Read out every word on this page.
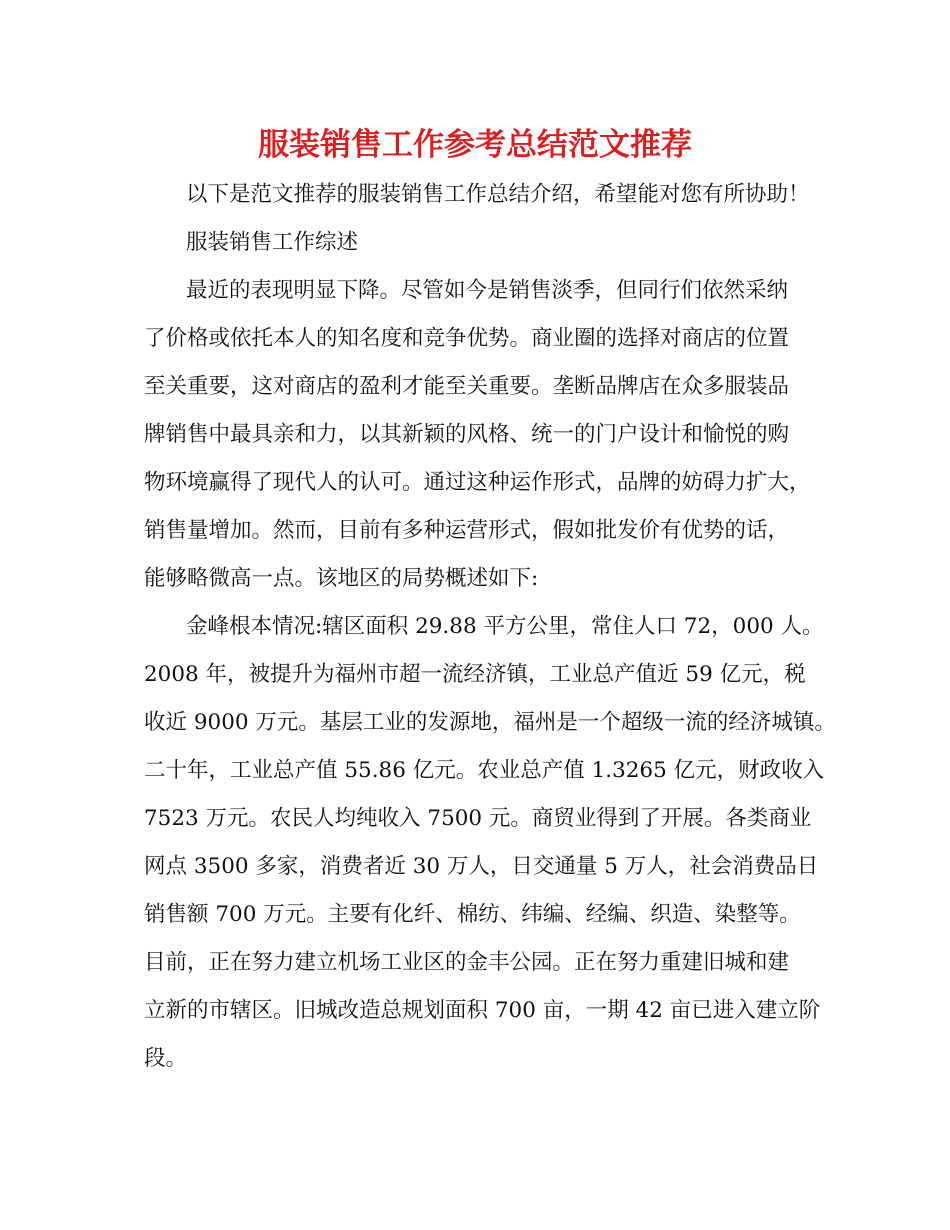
服装销售工作参考总结范文推荐
以下是范文推荐的服装销售工作总结介绍，希望能对您有所协助！
服装销售工作综述
最近的表现明显下降。尽管如今是销售淡季，但同行们依然采纳
了价格或依托本人的知名度和竞争优势。商业圈的选择对商店的位置
至关重要，这对商店的盈利才能至关重要。垄断品牌店在众多服装品
牌销售中最具亲和力，以其新颖的风格、统一的门户设计和愉悦的购
物环境赢得了现代人的认可。通过这种运作形式，品牌的妨碍力扩大，
销售量增加。然而，目前有多种运营形式，假如批发价有优势的话，
能够略微高一点。该地区的局势概述如下:
金峰根本情况:辖区面积 29.88 平方公里，常住人口 72，000 人。
2008 年，被提升为福州市超一流经济镇，工业总产值近 59 亿元，税
收近 9000 万元。基层工业的发源地，福州是一个超级一流的经济城镇。
二十年，工业总产值 55.86 亿元。农业总产值 1.3265 亿元，财政收入
7523 万元。农民人均纯收入 7500 元。商贸业得到了开展。各类商业
网点 3500 多家，消费者近 30 万人，日交通量 5 万人，社会消费品日
销售额 700 万元。主要有化纤、棉纺、纬编、经编、织造、染整等。
目前，正在努力建立机场工业区的金丰公园。正在努力重建旧城和建
立新的市辖区。旧城改造总规划面积 700 亩，一期 42 亩已进入建立阶
段。
